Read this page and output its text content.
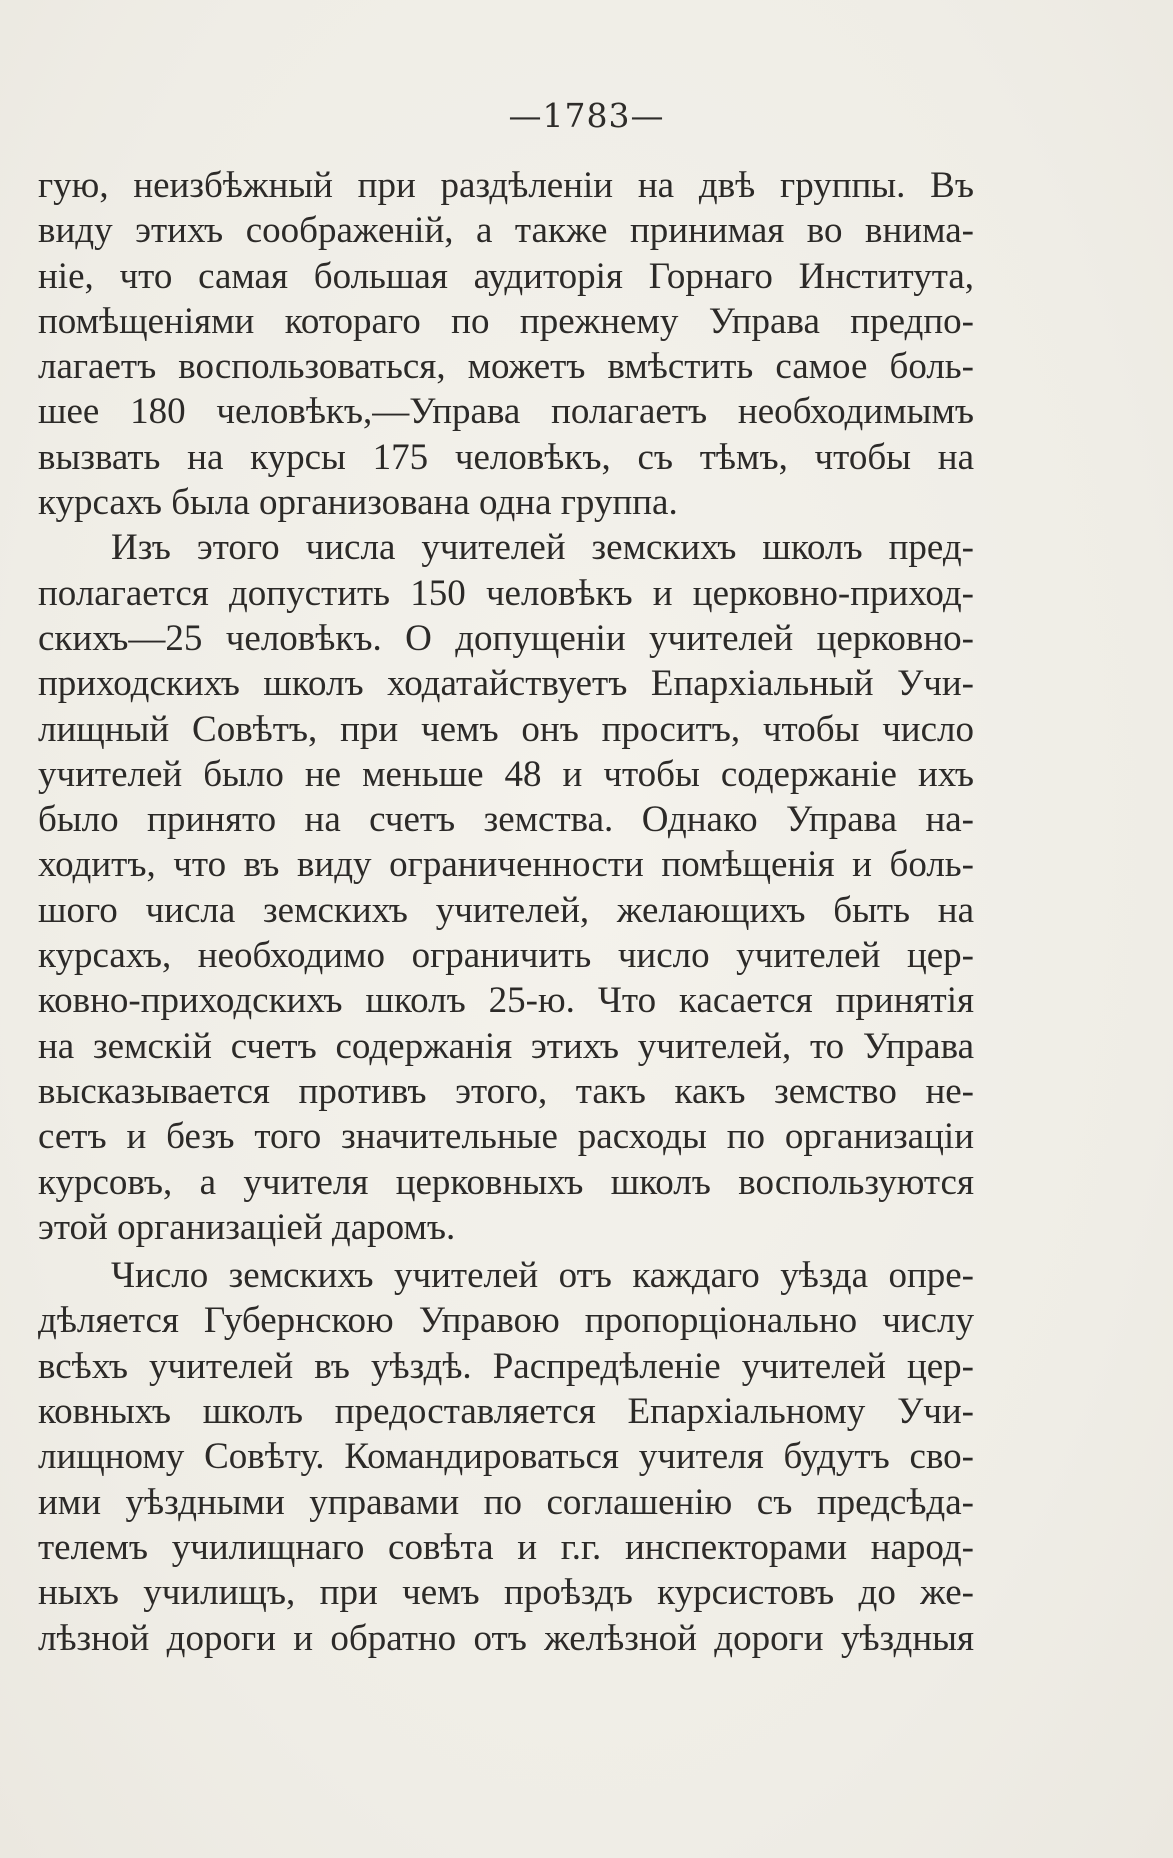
—1783—
гую, неизбѣжный при раздѣленіи на двѣ группы. Въ
виду этихъ соображеній, а также принимая во внима-
ніе, что самая большая аудиторія Горнаго Института,
помѣщеніями котораго по прежнему Управа предпо-
лагаетъ воспользоваться, можетъ вмѣстить самое боль-
шее 180 человѣкъ,—Управа полагаетъ необходимымъ
вызвать на курсы 175 человѣкъ, съ тѣмъ, чтобы на
курсахъ была организована одна группа.
Изъ этого числа учителей земскихъ школъ пред-
полагается допустить 150 человѣкъ и церковно-приход-
скихъ—25 человѣкъ. О допущеніи учителей церковно-
приходскихъ школъ ходатайствуетъ Епархіальный Учи-
лищный Совѣтъ, при чемъ онъ проситъ, чтобы число
учителей было не меньше 48 и чтобы содержаніе ихъ
было принято на счетъ земства. Однако Управа на-
ходитъ, что въ виду ограниченности помѣщенія и боль-
шого числа земскихъ учителей, желающихъ быть на
курсахъ, необходимо ограничить число учителей цер-
ковно-приходскихъ школъ 25-ю. Что касается принятія
на земскій счетъ содержанія этихъ учителей, то Управа
высказывается противъ этого, такъ какъ земство не-
сетъ и безъ того значительные расходы по организаціи
курсовъ, а учителя церковныхъ школъ воспользуются
этой организаціей даромъ.
Число земскихъ учителей отъ каждаго уѣзда опре-
дѣляется Губернскою Управою пропорціонально числу
всѣхъ учителей въ уѣздѣ. Распредѣленіе учителей цер-
ковныхъ школъ предоставляется Епархіальному Учи-
лищному Совѣту. Командироваться учителя будутъ сво-
ими уѣздными управами по соглашенію съ предсѣда-
телемъ училищнаго совѣта и г.г. инспекторами народ-
ныхъ училищъ, при чемъ проѣздъ курсистовъ до же-
лѣзной дороги и обратно отъ желѣзной дороги уѣздныя
